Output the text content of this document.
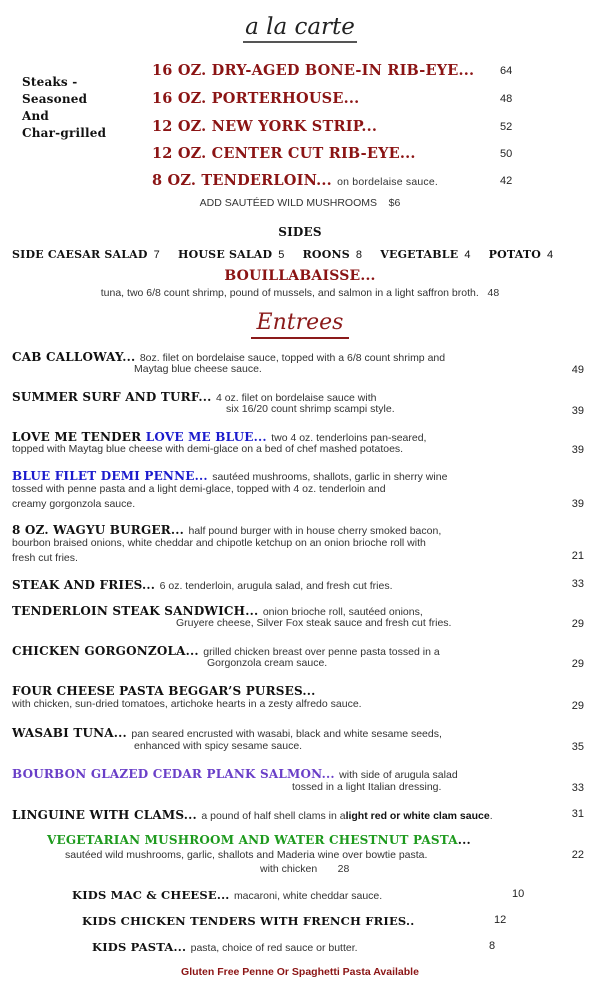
a la carte
Steaks -
Seasoned
And
Char-grilled
16 OZ. DRY-AGED BONE-IN RIB-EYE... 64
16 OZ. PORTERHOUSE...	48
12 OZ. NEW YORK STRIP...	52
12 OZ. CENTER CUT RIB-EYE...	50
8 OZ. TENDERLOIN... on bordelaise sauce.	42
ADD SAUTÉED WILD MUSHROOMS $6
SIDES
SIDE CAESAR SALAD 7 HOUSE SALAD 5 ROONS 8 VEGETABLE 4 POTATO 4
BOUILLABAISSE...
tuna, two 6/8 count shrimp, pound of mussels, and salmon in a light saffron broth. 48
Entrees
CAB CALLOWAY... 8oz. filet on bordelaise sauce, topped with a 6/8 count shrimp and
Maytag blue cheese sauce.	49
SUMMER SURF AND TURF... 4 oz. filet on bordelaise sauce with
six 16/20 count shrimp scampi style.	39
LOVE ME TENDER LOVE ME BLUE... two 4 oz. tenderloins pan-seared,
topped with Maytag blue cheese with demi-glace on a bed of chef mashed potatoes.	39
BLUE FILET DEMI PENNE... sautéed mushrooms, shallots, garlic in sherry wine
tossed with penne pasta and a light demi-glace, topped with 4 oz. tenderloin and
creamy gorgonzola sauce.	39
8 OZ. WAGYU BURGER... half pound burger with in house cherry smoked bacon,
bourbon braised onions, white cheddar and chipotle ketchup on an onion brioche roll with
fresh cut fries.	21
STEAK AND FRIES... 6 oz. tenderloin, arugula salad, and fresh cut fries.	33
TENDERLOIN STEAK SANDWICH... onion brioche roll, sautéed onions,
Gruyere cheese, Silver Fox steak sauce and fresh cut fries.	29
CHICKEN GORGONZOLA... grilled chicken breast over penne pasta tossed in a
Gorgonzola cream sauce.	29
FOUR CHEESE PASTA BEGGAR’S PURSES...
with chicken, sun-dried tomatoes, artichoke hearts in a zesty alfredo sauce.	29
WASABI TUNA... pan seared encrusted with wasabi, black and white sesame seeds,
enhanced with spicy sesame sauce.	35
BOURBON GLAZED CEDAR PLANK SALMON... with side of arugula salad
tossed in a light Italian dressing.	33
LINGUINE WITH CLAMS... a pound of half shell clams in alight red or white clam sauce.	31
VEGETARIAN MUSHROOM AND WATER CHESTNUT PASTA...
sautéed wild mushrooms, garlic, shallots and Maderia wine over bowtie pasta.	22
with chicken 28
KIDS MAC & CHEESE... macaroni, white cheddar sauce.	10
KIDS CHICKEN TENDERS WITH FRENCH FRIES..	12
KIDS PASTA... pasta, choice of red sauce or butter.	8
Gluten Free Penne Or Spaghetti Pasta Available
